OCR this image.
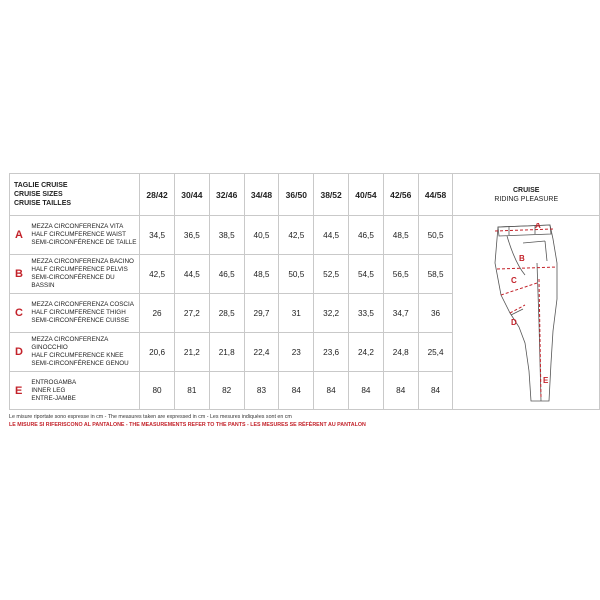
TAGLIE CRUISE
CRUISE SIZES
CRUISE TAILLES		28/42	30/44	32/46	34/48	36/50	38/52	40/54	42/56	44/58	CRUISE
RIDING PLEASURE
A	MEZZA CIRCONFERENZA VITA
HALF CIRCUMFERENCE WAIST
SEMI-CIRCONFÉRENCE DE TAILLE	34,5	36,5	38,5	40,5	42,5	44,5	46,5	48,5	50,5	
B	MEZZA CIRCONFERENZA BACINO
HALF CIRCUMFERENCE PELVIS
SEMI-CIRCONFÉRENCE DU BASSIN	42,5	44,5	46,5	48,5	50,5	52,5	54,5	56,5	58,5	
C	MEZZA CIRCONFERENZA COSCIA
HALF CIRCUMFERENCE THIGH
SEMI-CIRCONFÉRENCE CUISSE	26	27,2	28,5	29,7	31	32,2	33,5	34,7	36	
D	MEZZA CIRCONFERENZA GINOCCHIO
HALF CIRCUMFERENCE KNEE
SEMI-CIRCONFÉRENCE GENOU	20,6	21,2	21,8	22,4	23	23,6	24,2	24,8	25,4	
E	ENTROGAMBA
INNER LEG
ENTRE-JAMBE	80	81	82	83	84	84	84	84	84	
A
B
C
D
E
Le misure riportate sono espresse in cm - The measures taken are expressed in cm - Les mesures indiquées sont en cm
LE MISURE SI RIFERISCONO AL PANTALONE - THE MEASUREMENTS REFER TO THE PANTS - LES MESURES SE RÉFÈRENT AU PANTALON
